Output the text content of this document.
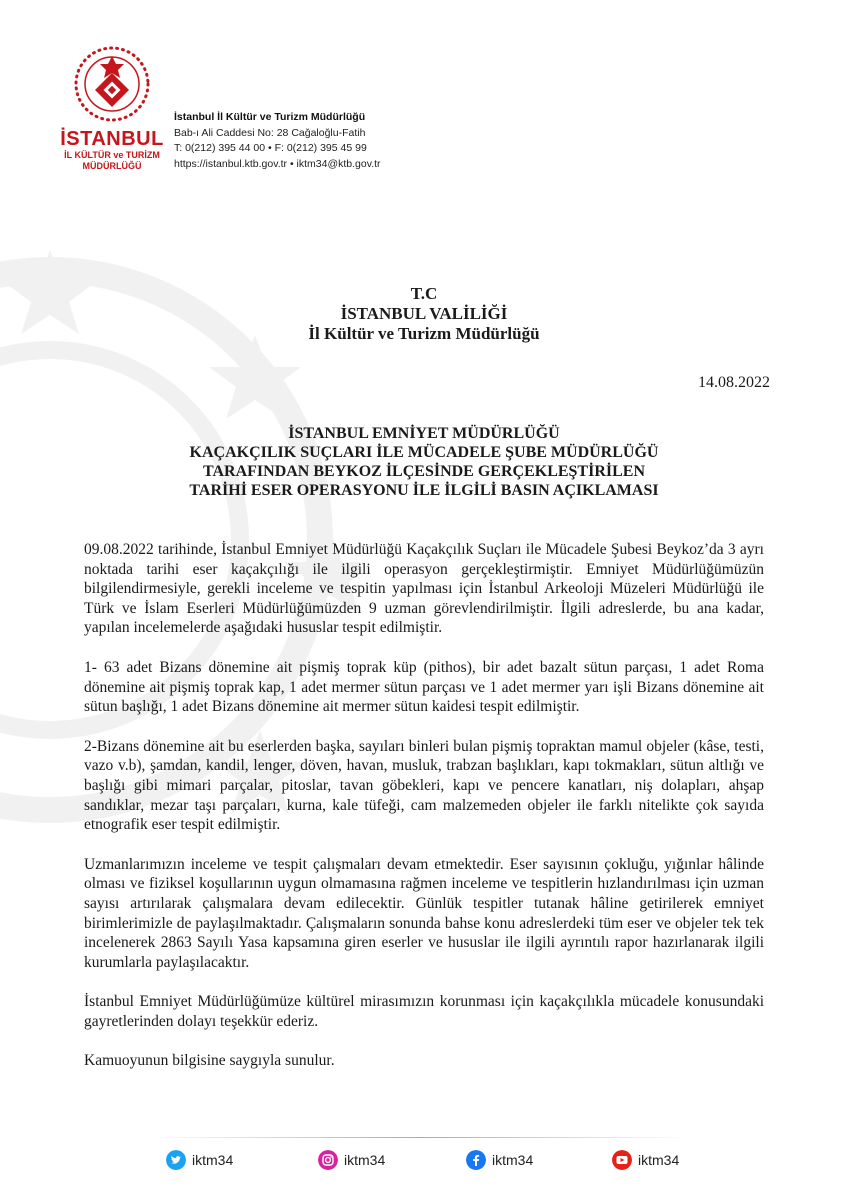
İSTANBUL
İL KÜLTÜR ve TURİZM
MÜDÜRLÜĞÜ
İstanbul İl Kültür ve Turizm Müdürlüğü
Bab-ı Ali Caddesi No: 28 Cağaloğlu-Fatih
T: 0(212) 395 44 00 • F: 0(212) 395 45 99
https://istanbul.ktb.gov.tr • iktm34@ktb.gov.tr
T.C
İSTANBUL VALİLİĞİ
İl Kültür ve Turizm Müdürlüğü
14.08.2022
İSTANBUL EMNİYET MÜDÜRLÜĞÜ
KAÇAKÇILIK SUÇLARI İLE MÜCADELE ŞUBE MÜDÜRLÜĞÜ
TARAFINDAN BEYKOZ İLÇESİNDE GERÇEKLEŞTİRİLEN
TARİHİ ESER OPERASYONU İLE İLGİLİ BASIN AÇIKLAMASI

09.08.2022 tarihinde, İstanbul Emniyet Müdürlüğü Kaçakçılık Suçları ile Mücadele Şubesi Beykoz’da 3 ayrı noktada tarihi eser kaçakçılığı ile ilgili operasyon gerçekleştirmiştir. Emniyet Müdürlüğümüzün bilgilendirmesiyle, gerekli inceleme ve tespitin yapılması için İstanbul Arkeoloji Müzeleri Müdürlüğü ile Türk ve İslam Eserleri Müdürlüğümüzden 9 uzman görevlendirilmiştir. İlgili adreslerde, bu ana kadar, yapılan incelemelerde aşağıdaki hususlar tespit edilmiştir.

1- 63 adet Bizans dönemine ait pişmiş toprak küp (pithos), bir adet bazalt sütun parçası, 1 adet Roma dönemine ait pişmiş toprak kap, 1 adet mermer sütun parçası ve 1 adet mermer yarı işli Bizans dönemine ait sütun başlığı, 1 adet Bizans dönemine ait mermer sütun kaidesi tespit edilmiştir.

2-Bizans dönemine ait bu eserlerden başka, sayıları binleri bulan pişmiş topraktan mamul objeler (kâse, testi, vazo v.b), şamdan, kandil, lenger, döven, havan, musluk, trabzan başlıkları, kapı tokmakları, sütun altlığı ve başlığı gibi mimari parçalar, pitoslar, tavan göbekleri, kapı ve pencere kanatları, niş dolapları, ahşap sandıklar, mezar taşı parçaları, kurna, kale tüfeği, cam malzemeden objeler ile farklı nitelikte çok sayıda etnografik eser tespit edilmiştir.

Uzmanlarımızın inceleme ve tespit çalışmaları devam etmektedir. Eser sayısının çokluğu, yığınlar hâlinde olması ve fiziksel koşullarının uygun olmamasına rağmen inceleme ve tespitlerin hızlandırılması için uzman sayısı artırılarak çalışmalara devam edilecektir. Günlük tespitler tutanak hâline getirilerek emniyet birimlerimizle de paylaşılmaktadır. Çalışmaların sonunda bahse konu adreslerdeki tüm eser ve objeler tek tek incelenerek 2863 Sayılı Yasa kapsamına giren eserler ve hususlar ile ilgili ayrıntılı rapor hazırlanarak ilgili kurumlarla paylaşılacaktır.

İstanbul Emniyet Müdürlüğümüze kültürel mirasımızın korunması için kaçakçılıkla mücadele konusundaki gayretlerinden dolayı teşekkür ederiz.

Kamuoyunun bilgisine saygıyla sunulur.

iktm34	iktm34	iktm34	iktm34
